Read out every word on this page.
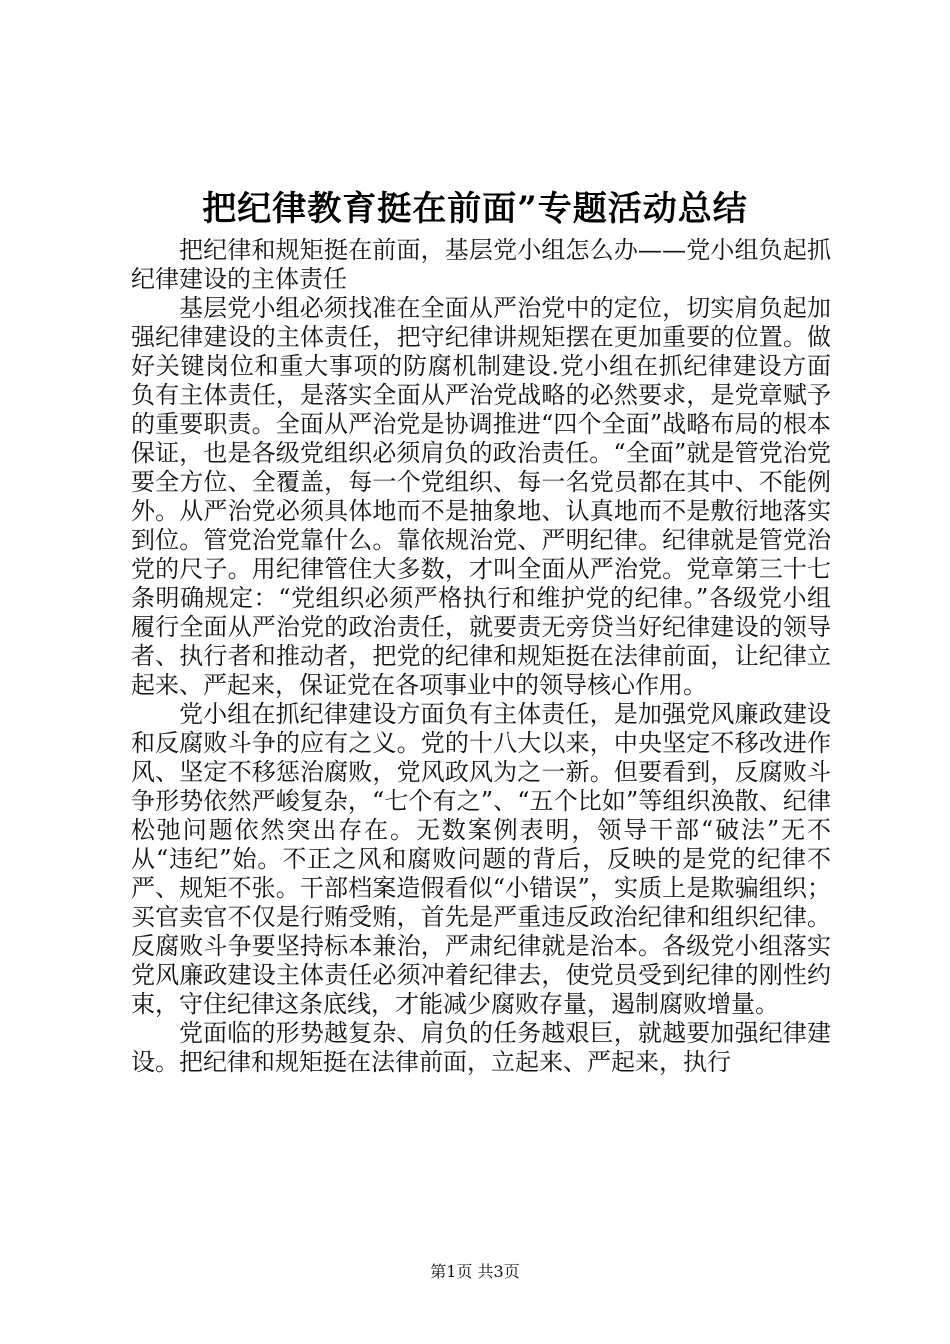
把纪律教育挺在前面”专题活动总结

把纪律和规矩挺在前面，基层党小组怎么办——党小组负起抓纪律建设的主体责任

基层党小组必须找准在全面从严治党中的定位，切实肩负起加强纪律建设的主体责任，把守纪律讲规矩摆在更加重要的位置。做好关键岗位和重大事项的防腐机制建设.党小组在抓纪律建设方面负有主体责任，是落实全面从严治党战略的必然要求，是党章赋予的重要职责。全面从严治党是协调推进“四个全面”战略布局的根本保证，也是各级党组织必须肩负的政治责任。“全面”就是管党治党要全方位、全覆盖，每一个党组织、每一名党员都在其中、不能例外。从严治党必须具体地而不是抽象地、认真地而不是敷衍地落实到位。管党治党靠什么。靠依规治党、严明纪律。纪律就是管党治党的尺子。用纪律管住大多数，才叫全面从严治党。党章第三十七条明确规定：“党组织必须严格执行和维护党的纪律。”各级党小组履行全面从严治党的政治责任，就要责无旁贷当好纪律建设的领导者、执行者和推动者，把党的纪律和规矩挺在法律前面，让纪律立起来、严起来，保证党在各项事业中的领导核心作用。

党小组在抓纪律建设方面负有主体责任，是加强党风廉政建设和反腐败斗争的应有之义。党的十八大以来，中央坚定不移改进作风、坚定不移惩治腐败，党风政风为之一新。但要看到，反腐败斗争形势依然严峻复杂，“七个有之”、“五个比如”等组织涣散、纪律松弛问题依然突出存在。无数案例表明，领导干部“破法”无不从“违纪”始。不正之风和腐败问题的背后，反映的是党的纪律不严、规矩不张。干部档案造假看似“小错误”，实质上是欺骗组织；买官卖官不仅是行贿受贿，首先是严重违反政治纪律和组织纪律。反腐败斗争要坚持标本兼治，严肃纪律就是治本。各级党小组落实党风廉政建设主体责任必须冲着纪律去，使党员受到纪律的刚性约束，守住纪律这条底线，才能减少腐败存量，遏制腐败增量。

党面临的形势越复杂、肩负的任务越艰巨，就越要加强纪律建设。把纪律和规矩挺在法律前面，立起来、严起来，执行

第1页 共3页
